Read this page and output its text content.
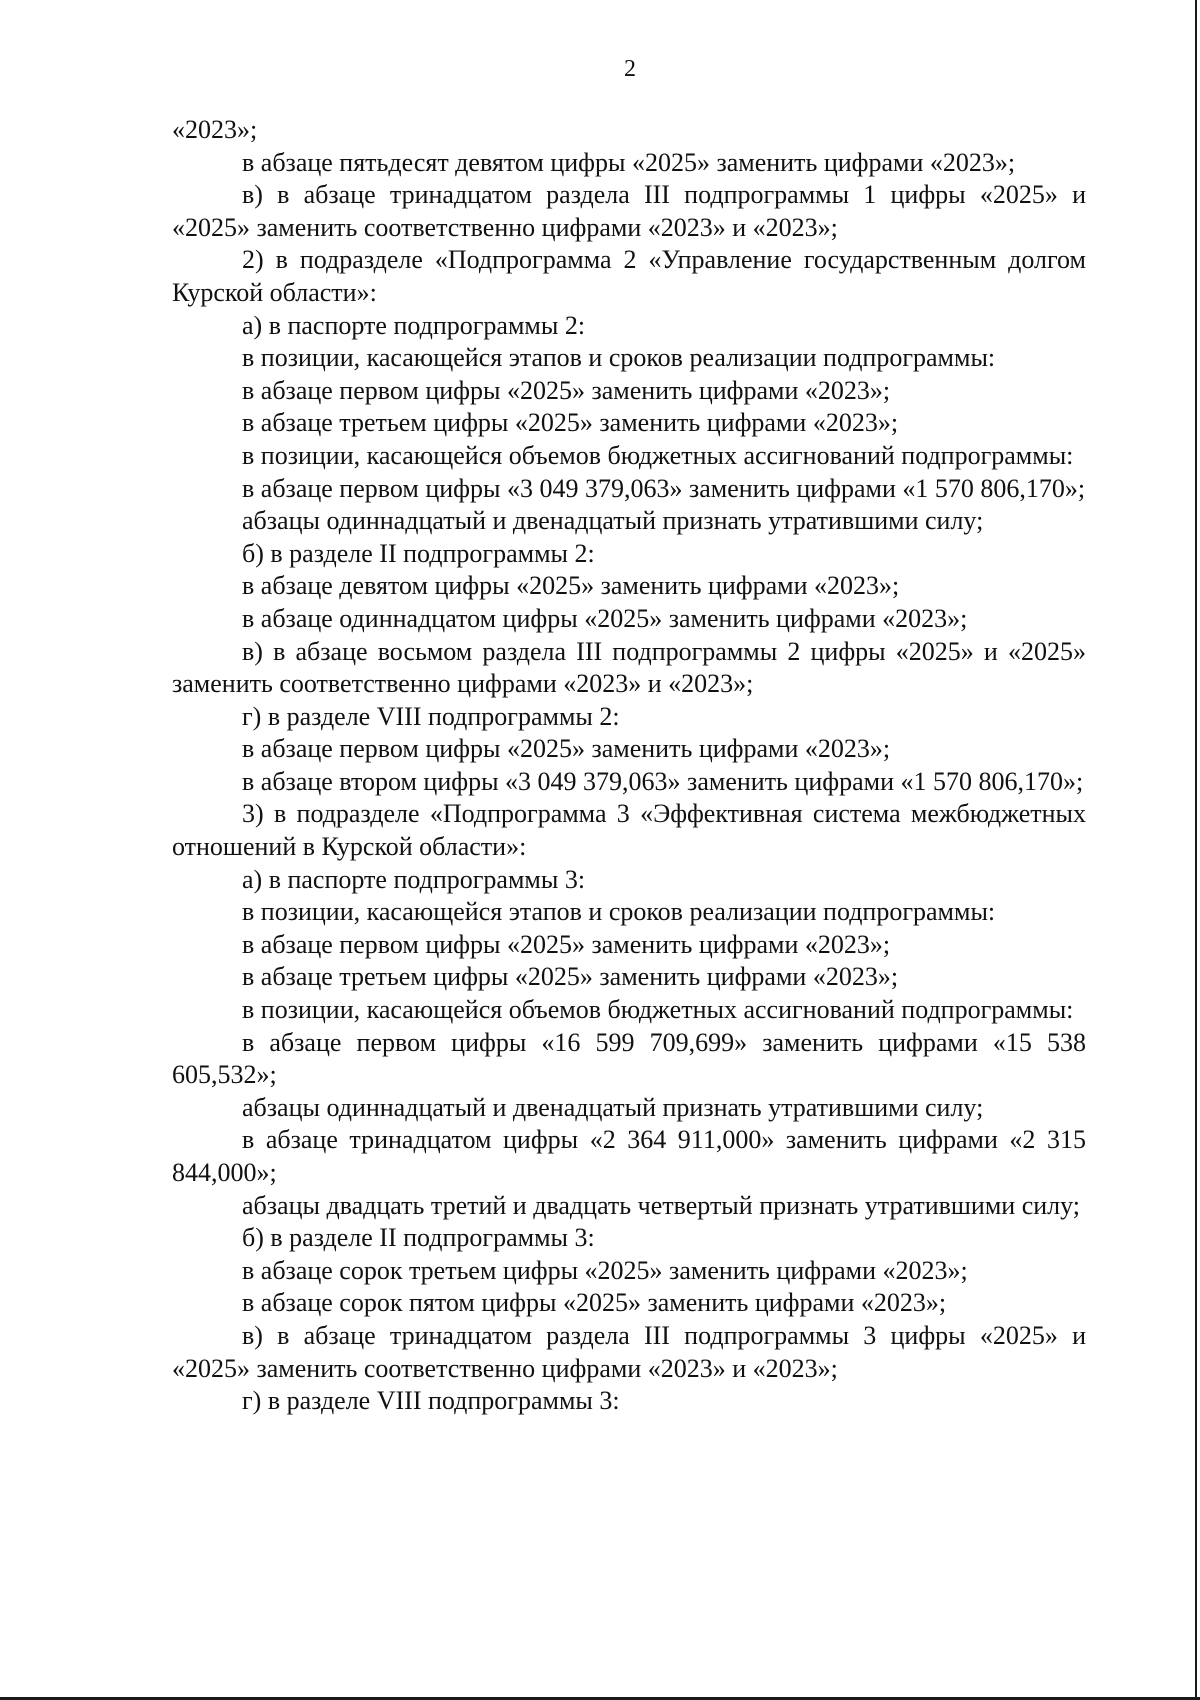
2

«2023»;

в абзаце пятьдесят девятом цифры «2025» заменить цифрами «2023»;

в) в абзаце тринадцатом раздела III подпрограммы 1 цифры «2025» и «2025» заменить соответственно цифрами «2023» и «2023»;

2) в подразделе «Подпрограмма 2 «Управление государственным долгом Курской области»:

а) в паспорте подпрограммы 2:

в позиции, касающейся этапов и сроков реализации подпрограммы:

в абзаце первом цифры «2025» заменить цифрами «2023»;

в абзаце третьем цифры «2025» заменить цифрами «2023»;

в позиции, касающейся объемов бюджетных ассигнований подпрограммы:

в абзаце первом цифры «3 049 379,063» заменить цифрами «1 570 806,170»;

абзацы одиннадцатый и двенадцатый признать утратившими силу;

б) в разделе II подпрограммы 2:

в абзаце девятом цифры «2025» заменить цифрами «2023»;

в абзаце одиннадцатом цифры «2025» заменить цифрами «2023»;

в) в абзаце восьмом раздела III подпрограммы 2 цифры «2025» и «2025» заменить соответственно цифрами «2023» и «2023»;

г) в разделе VIII подпрограммы 2:

в абзаце первом цифры «2025» заменить цифрами «2023»;

в абзаце втором цифры «3 049 379,063» заменить цифрами «1 570 806,170»;

3) в подразделе «Подпрограмма 3 «Эффективная система межбюджетных отношений в Курской области»:

а) в паспорте подпрограммы 3:

в позиции, касающейся этапов и сроков реализации подпрограммы:

в абзаце первом цифры «2025» заменить цифрами «2023»;

в абзаце третьем цифры «2025» заменить цифрами «2023»;

в позиции, касающейся объемов бюджетных ассигнований подпрограммы:

в абзаце первом цифры «16 599 709,699» заменить цифрами «15 538 605,532»;

абзацы одиннадцатый и двенадцатый признать утратившими силу;

в абзаце тринадцатом цифры «2 364 911,000» заменить цифрами «2 315 844,000»;

абзацы двадцать третий и двадцать четвертый признать утратившими силу;

б) в разделе II подпрограммы 3:

в абзаце сорок третьем цифры «2025» заменить цифрами «2023»;

в абзаце сорок пятом цифры «2025» заменить цифрами «2023»;

в) в абзаце тринадцатом раздела III подпрограммы 3 цифры «2025» и «2025» заменить соответственно цифрами «2023» и «2023»;

г) в разделе VIII подпрограммы 3:
